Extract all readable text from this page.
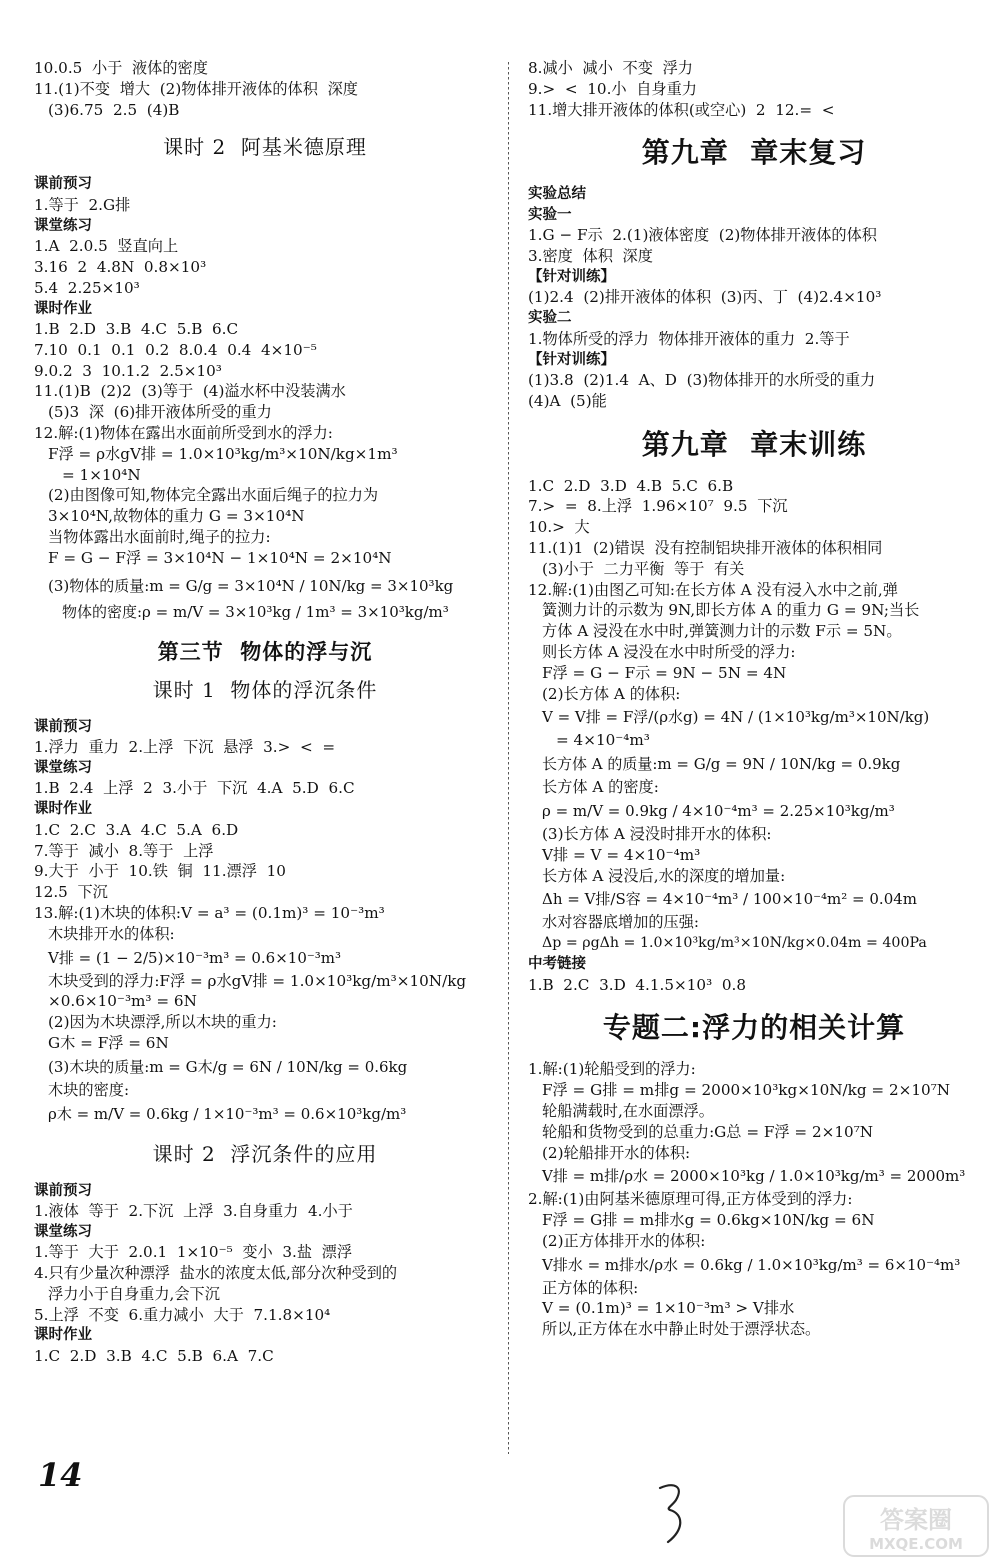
10.0.5  小于  液体的密度
11.(1)不变  增大  (2)物体排开液体的体积  深度
(3)6.75  2.5  (4)B
课时 2  阿基米德原理
课前预习
1.等于  2.G排
课堂练习
1.A  2.0.5  竖直向上
3.16  2  4.8N  0.8×10³
5.4  2.25×10³
课时作业
1.B  2.D  3.B  4.C  5.B  6.C
7.10  0.1  0.1  0.2  8.0.4  0.4  4×10⁻⁵
9.0.2  3  10.1.2  2.5×10³
11.(1)B  (2)2  (3)等于  (4)溢水杯中没装满水
(5)3  深  (6)排开液体所受的重力
12.解:(1)物体在露出水面前所受到水的浮力:
F浮 = ρ水gV排 = 1.0×10³kg/m³×10N/kg×1m³
= 1×10⁴N
(2)由图像可知,物体完全露出水面后绳子的拉力为
3×10⁴N,故物体的重力 G = 3×10⁴N
当物体露出水面前时,绳子的拉力:
F = G − F浮 = 3×10⁴N − 1×10⁴N = 2×10⁴N
(3)物体的质量:m = G/g = 3×10⁴N / 10N/kg = 3×10³kg
物体的密度:ρ = m/V = 3×10³kg / 1m³ = 3×10³kg/m³
第三节  物体的浮与沉
课时 1  物体的浮沉条件
课前预习
1.浮力  重力  2.上浮  下沉  悬浮  3.>  <  =
课堂练习
1.B  2.4  上浮  2  3.小于  下沉  4.A  5.D  6.C
课时作业
1.C  2.C  3.A  4.C  5.A  6.D
7.等于  减小  8.等于  上浮
9.大于  小于  10.铁  铜  11.漂浮  10
12.5  下沉
13.解:(1)木块的体积:V = a³ = (0.1m)³ = 10⁻³m³
木块排开水的体积:
V排 = (1 − 2/5)×10⁻³m³ = 0.6×10⁻³m³
木块受到的浮力:F浮 = ρ水gV排 = 1.0×10³kg/m³×10N/kg
×0.6×10⁻³m³ = 6N
(2)因为木块漂浮,所以木块的重力:
G木 = F浮 = 6N
(3)木块的质量:m = G木/g = 6N / 10N/kg = 0.6kg
木块的密度:
ρ木 = m/V = 0.6kg / 1×10⁻³m³ = 0.6×10³kg/m³
课时 2  浮沉条件的应用
课前预习
1.液体  等于  2.下沉  上浮  3.自身重力  4.小于
课堂练习
1.等于  大于  2.0.1  1×10⁻⁵  变小  3.盐  漂浮
4.只有少量次种漂浮  盐水的浓度太低,部分次种受到的
浮力小于自身重力,会下沉
5.上浮  不变  6.重力减小  大于  7.1.8×10⁴
课时作业
1.C  2.D  3.B  4.C  5.B  6.A  7.C
8.减小  减小  不变  浮力
9.>  <  10.小  自身重力
11.增大排开液体的体积(或空心)  2  12.=  <
第九章  章末复习
实验总结
实验一
1.G − F示  2.(1)液体密度  (2)物体排开液体的体积
3.密度  体积  深度
【针对训练】
(1)2.4  (2)排开液体的体积  (3)丙、丁  (4)2.4×10³
实验二
1.物体所受的浮力  物体排开液体的重力  2.等于
【针对训练】
(1)3.8  (2)1.4  A、D  (3)物体排开的水所受的重力
(4)A  (5)能
第九章  章末训练
1.C  2.D  3.D  4.B  5.C  6.B
7.>  =  8.上浮  1.96×10⁷  9.5  下沉
10.>  大
11.(1)1  (2)错误  没有控制铝块排开液体的体积相同
(3)小于  二力平衡  等于  有关
12.解:(1)由图乙可知:在长方体 A 没有浸入水中之前,弹
簧测力计的示数为 9N,即长方体 A 的重力 G = 9N;当长
方体 A 浸没在水中时,弹簧测力计的示数 F示 = 5N。
则长方体 A 浸没在水中时所受的浮力:
F浮 = G − F示 = 9N − 5N = 4N
(2)长方体 A 的体积:
V = V排 = F浮/(ρ水g) = 4N / (1×10³kg/m³×10N/kg)
= 4×10⁻⁴m³
长方体 A 的质量:m = G/g = 9N / 10N/kg = 0.9kg
长方体 A 的密度:
ρ = m/V = 0.9kg / 4×10⁻⁴m³ = 2.25×10³kg/m³
(3)长方体 A 浸没时排开水的体积:
V排 = V = 4×10⁻⁴m³
长方体 A 浸没后,水的深度的增加量:
Δh = V排/S容 = 4×10⁻⁴m³ / 100×10⁻⁴m² = 0.04m
水对容器底增加的压强:
Δp = ρgΔh = 1.0×10³kg/m³×10N/kg×0.04m = 400Pa
中考链接
1.B  2.C  3.D  4.1.5×10³  0.8
专题二:浮力的相关计算
1.解:(1)轮船受到的浮力:
F浮 = G排 = m排g = 2000×10³kg×10N/kg = 2×10⁷N
轮船满载时,在水面漂浮。
轮船和货物受到的总重力:G总 = F浮 = 2×10⁷N
(2)轮船排开水的体积:
V排 = m排/ρ水 = 2000×10³kg / 1.0×10³kg/m³ = 2000m³
2.解:(1)由阿基米德原理可得,正方体受到的浮力:
F浮 = G排 = m排水g = 0.6kg×10N/kg = 6N
(2)正方体排开水的体积:
V排水 = m排水/ρ水 = 0.6kg / 1.0×10³kg/m³ = 6×10⁻⁴m³
正方体的体积:
V = (0.1m)³ = 1×10⁻³m³ > V排水
所以,正方体在水中静止时处于漂浮状态。
14
答案圈
MXQE.COM
